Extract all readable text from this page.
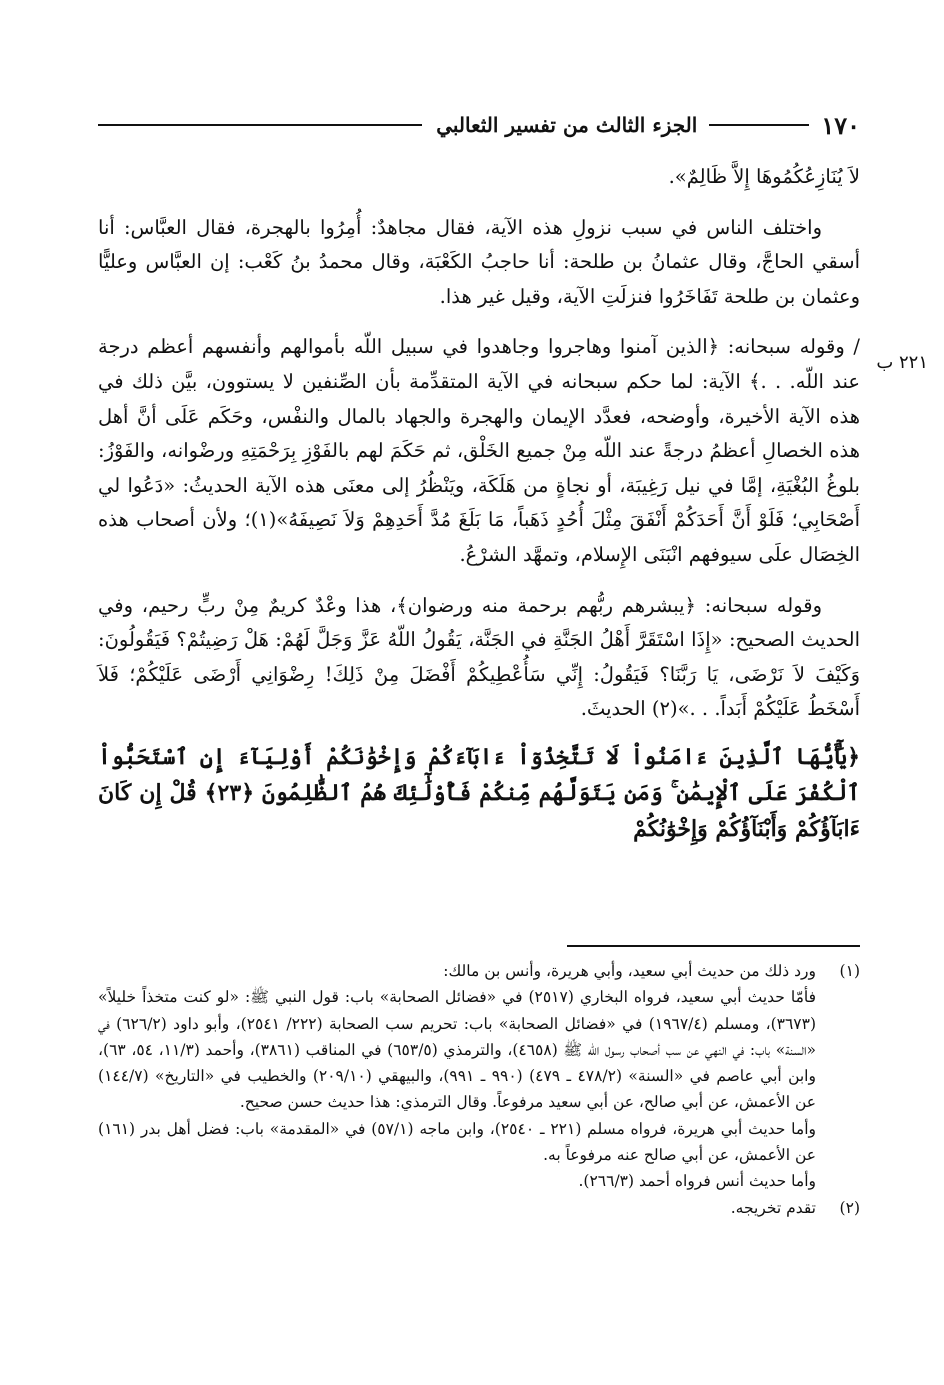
١٧٠
الجزء الثالث من تفسير الثعالبي
٢٢١ ب

لاَ يُنَازِعُكُمُوهَا إِلاَّ ظَالِمٌ».

واختلف الناس في سبب نزولِ هذه الآية، فقال مجاهدٌ: أُمِرُوا بالهجرة، فقال العبَّاس: أنا أسقي الحاجَّ، وقال عثمانُ بن طلحة: أنا حاجبُ الكَعْبَة، وقال محمدُ بنُ كَعْب: إن العبَّاس وعليًّا وعثمان بن طلحة تَفَاخَرُوا فنزلَتِ الآية، وقيل غير هذا.

/ وقوله سبحانه: ﴿الذين آمنوا وهاجروا وجاهدوا في سبيل اللّه بأموالهم وأنفسهم أعظم درجة عند اللّه. . .﴾ الآية: لما حكم سبحانه في الآية المتقدِّمة بأن الصِّنفين لا يستوون، بيَّن ذلك في هذه الآية الأخيرة، وأوضحه، فعدَّد الإيمان والهجرة والجهاد بالمال والنفْس، وحَكَم عَلَى أنَّ أهل هذه الخصالِ أعظمُ درجةً عند اللّه مِنْ جميع الخَلْق، ثم حَكَمَ لهم بالفَوْزِ بِرَحْمَتِهِ ورضْوانه، والفَوْزُ: بلوغُ البُغْيَةِ، إمَّا في نيل رَغِيبَة، أو نجاةٍ من هَلَكَة، ويَنْظُرُ إلى معنَى هذه الآية الحديثُ: «دَعُوا لي أَصْحَابِي؛ فَلَوْ أَنَّ أَحَدَكُمْ أَنْفَقَ مِثْلَ أُحُدٍ ذَهَباً، مَا بَلَغَ مُدَّ أَحَدِهِمْ وَلاَ نَصِيفَهُ»(١)؛ ولأن أصحاب هذه الخِصَال علَى سيوفهم انْبَنَى الإِسلام، وتمهَّد الشرْعُ.

وقوله سبحانه: ﴿يبشرهم ربُّهم برحمة منه ورضوان﴾، هذا وعْدٌ كريمٌ مِنْ ربٍّ رحيم، وفي الحديث الصحيح: «إِذَا اسْتَقَرَّ أَهْلُ الجَنَّةِ في الجَنَّة، يَقُولُ اللّهُ عَزَّ وَجَلَّ لَهُمْ: هَلْ رَضِيتُمْ؟ فَيَقُولُونَ: وَكَيْفَ لاَ نَرْضَى، يَا رَبَّنَا؟ فَيَقُولُ: إِنِّي سَأُعْطِيكُمْ أَفْضَلَ مِنْ ذَلِكَ! رِضْوَانِي أَرْضَى عَلَيْكُمْ؛ فَلاَ أَسْخَطُ عَلَيْكُمْ أَبَداً. . .»(٢) الحديثَ.

﴿يَٰٓأَيُّهَا ٱلَّذِينَ ءَامَنُواْ لَا تَتَّخِذُوٓاْ ءَابَآءَكُمْ وَإِخْوَٰنَكُمْ أَوْلِيَآءَ إِنِ ٱسْتَحَبُّواْ ٱلْكُفْرَ عَلَى ٱلْإِيمَٰنِ ۚ وَمَن يَتَوَلَّهُم مِّنكُمْ فَأُوْلَٰٓئِكَ هُمُ ٱلظَّٰلِمُونَ ﴿٢٣﴾ قُلْ إِن كَانَ ءَابَآؤُكُمْ وَأَبْنَآؤُكُمْ وَإِخْوَٰنُكُمْ

(١)

ورد ذلك من حديث أبي سعيد، وأبي هريرة، وأنس بن مالك:

فأمّا حديث أبي سعيد، فرواه البخاري (٢٥١٧) في «فضائل الصحابة» باب: قول النبي ﷺ: «لو كنت متخذاً خليلاً» (٣٦٧٣)، ومسلم (١٩٦٧/٤) في «فضائل الصحابة» باب: تحريم سب الصحابة (٢٢٢/ ٢٥٤١)، وأبو داود (٦٢٦/٢) في «السنة» باب: في النهي عن سب أصحاب رسول الله ﷺ (٤٦٥٨)، والترمذي (٦٥٣/٥) في المناقب (٣٨٦١)، وأحمد (١١/٣، ٥٤، ٦٣)، وابن أبي عاصم في «السنة» (٤٧٨/٢ ـ ٤٧٩) (٩٩٠ ـ ٩٩١)، والبيهقي (٢٠٩/١٠) والخطيب في «التاريخ» (١٤٤/٧) عن الأعمش، عن أبي صالح، عن أبي سعيد مرفوعاً. وقال الترمذي: هذا حديث حسن صحيح.

وأما حديث أبي هريرة، فرواه مسلم (٢٢١ ـ ٢٥٤٠)، وابن ماجه (٥٧/١) في «المقدمة» باب: فضل أهل بدر (١٦١) عن الأعمش، عن أبي صالح عنه مرفوعاً به.

وأما حديث أنس فرواه أحمد (٢٦٦/٣).

(٢)

تقدم تخريجه.
